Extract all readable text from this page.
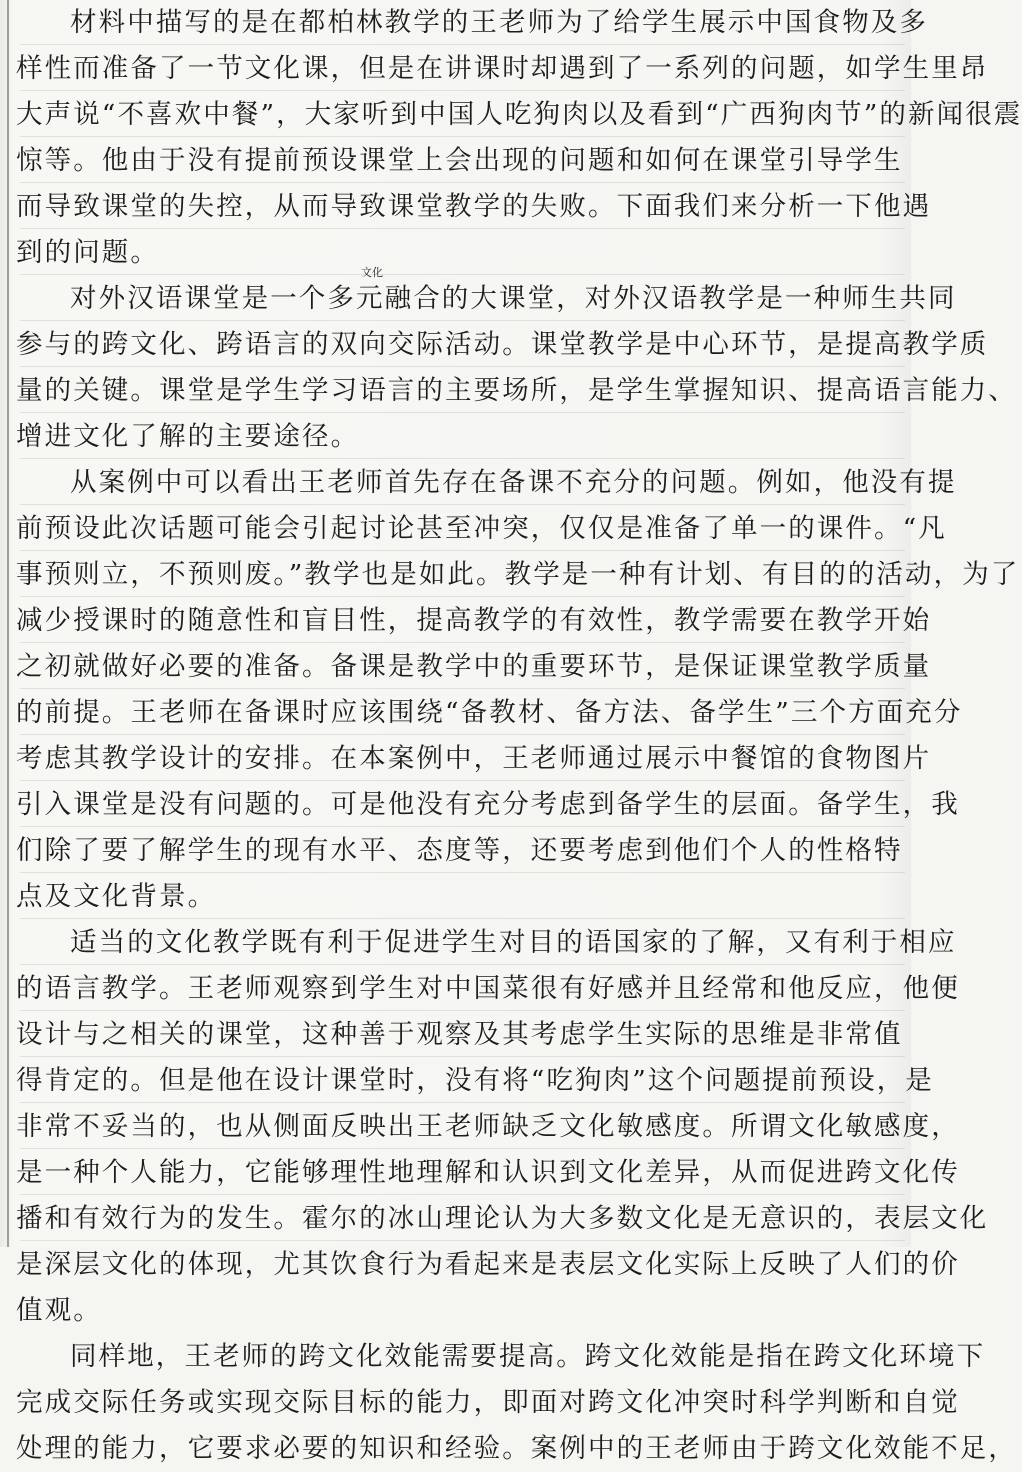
材料中描写的是在都柏林教学的王老师为了给学生展示中国食物及多
样性而准备了一节文化课，但是在讲课时却遇到了一系列的问题，如学生里昂
大声说“不喜欢中餐”，大家听到中国人吃狗肉以及看到“广西狗肉节”的新闻很震
惊等。他由于没有提前预设课堂上会出现的问题和如何在课堂引导学生
而导致课堂的失控，从而导致课堂教学的失败。下面我们来分析一下他遇
到的问题。
文化
对外汉语课堂是一个多元融合的大课堂，对外汉语教学是一种师生共同
参与的跨文化、跨语言的双向交际活动。课堂教学是中心环节，是提高教学质
量的关键。课堂是学生学习语言的主要场所，是学生掌握知识、提高语言能力、
增进文化了解的主要途径。
从案例中可以看出王老师首先存在备课不充分的问题。例如，他没有提
前预设此次话题可能会引起讨论甚至冲突，仅仅是准备了单一的课件。“凡
事预则立，不预则废。”教学也是如此。教学是一种有计划、有目的的活动，为了
减少授课时的随意性和盲目性，提高教学的有效性，教学需要在教学开始
之初就做好必要的准备。备课是教学中的重要环节，是保证课堂教学质量
的前提。王老师在备课时应该围绕“备教材、备方法、备学生”三个方面充分
考虑其教学设计的安排。在本案例中，王老师通过展示中餐馆的食物图片
引入课堂是没有问题的。可是他没有充分考虑到备学生的层面。备学生，我
们除了要了解学生的现有水平、态度等，还要考虑到他们个人的性格特
点及文化背景。
适当的文化教学既有利于促进学生对目的语国家的了解，又有利于相应
的语言教学。王老师观察到学生对中国菜很有好感并且经常和他反应，他便
设计与之相关的课堂，这种善于观察及其考虑学生实际的思维是非常值
得肯定的。但是他在设计课堂时，没有将“吃狗肉”这个问题提前预设，是
非常不妥当的，也从侧面反映出王老师缺乏文化敏感度。所谓文化敏感度，
是一种个人能力，它能够理性地理解和认识到文化差异，从而促进跨文化传
播和有效行为的发生。霍尔的冰山理论认为大多数文化是无意识的，表层文化
是深层文化的体现，尤其饮食行为看起来是表层文化实际上反映了人们的价
值观。
同样地，王老师的跨文化效能需要提高。跨文化效能是指在跨文化环境下
完成交际任务或实现交际目标的能力，即面对跨文化冲突时科学判断和自觉
处理的能力，它要求必要的知识和经验。案例中的王老师由于跨文化效能不足，
